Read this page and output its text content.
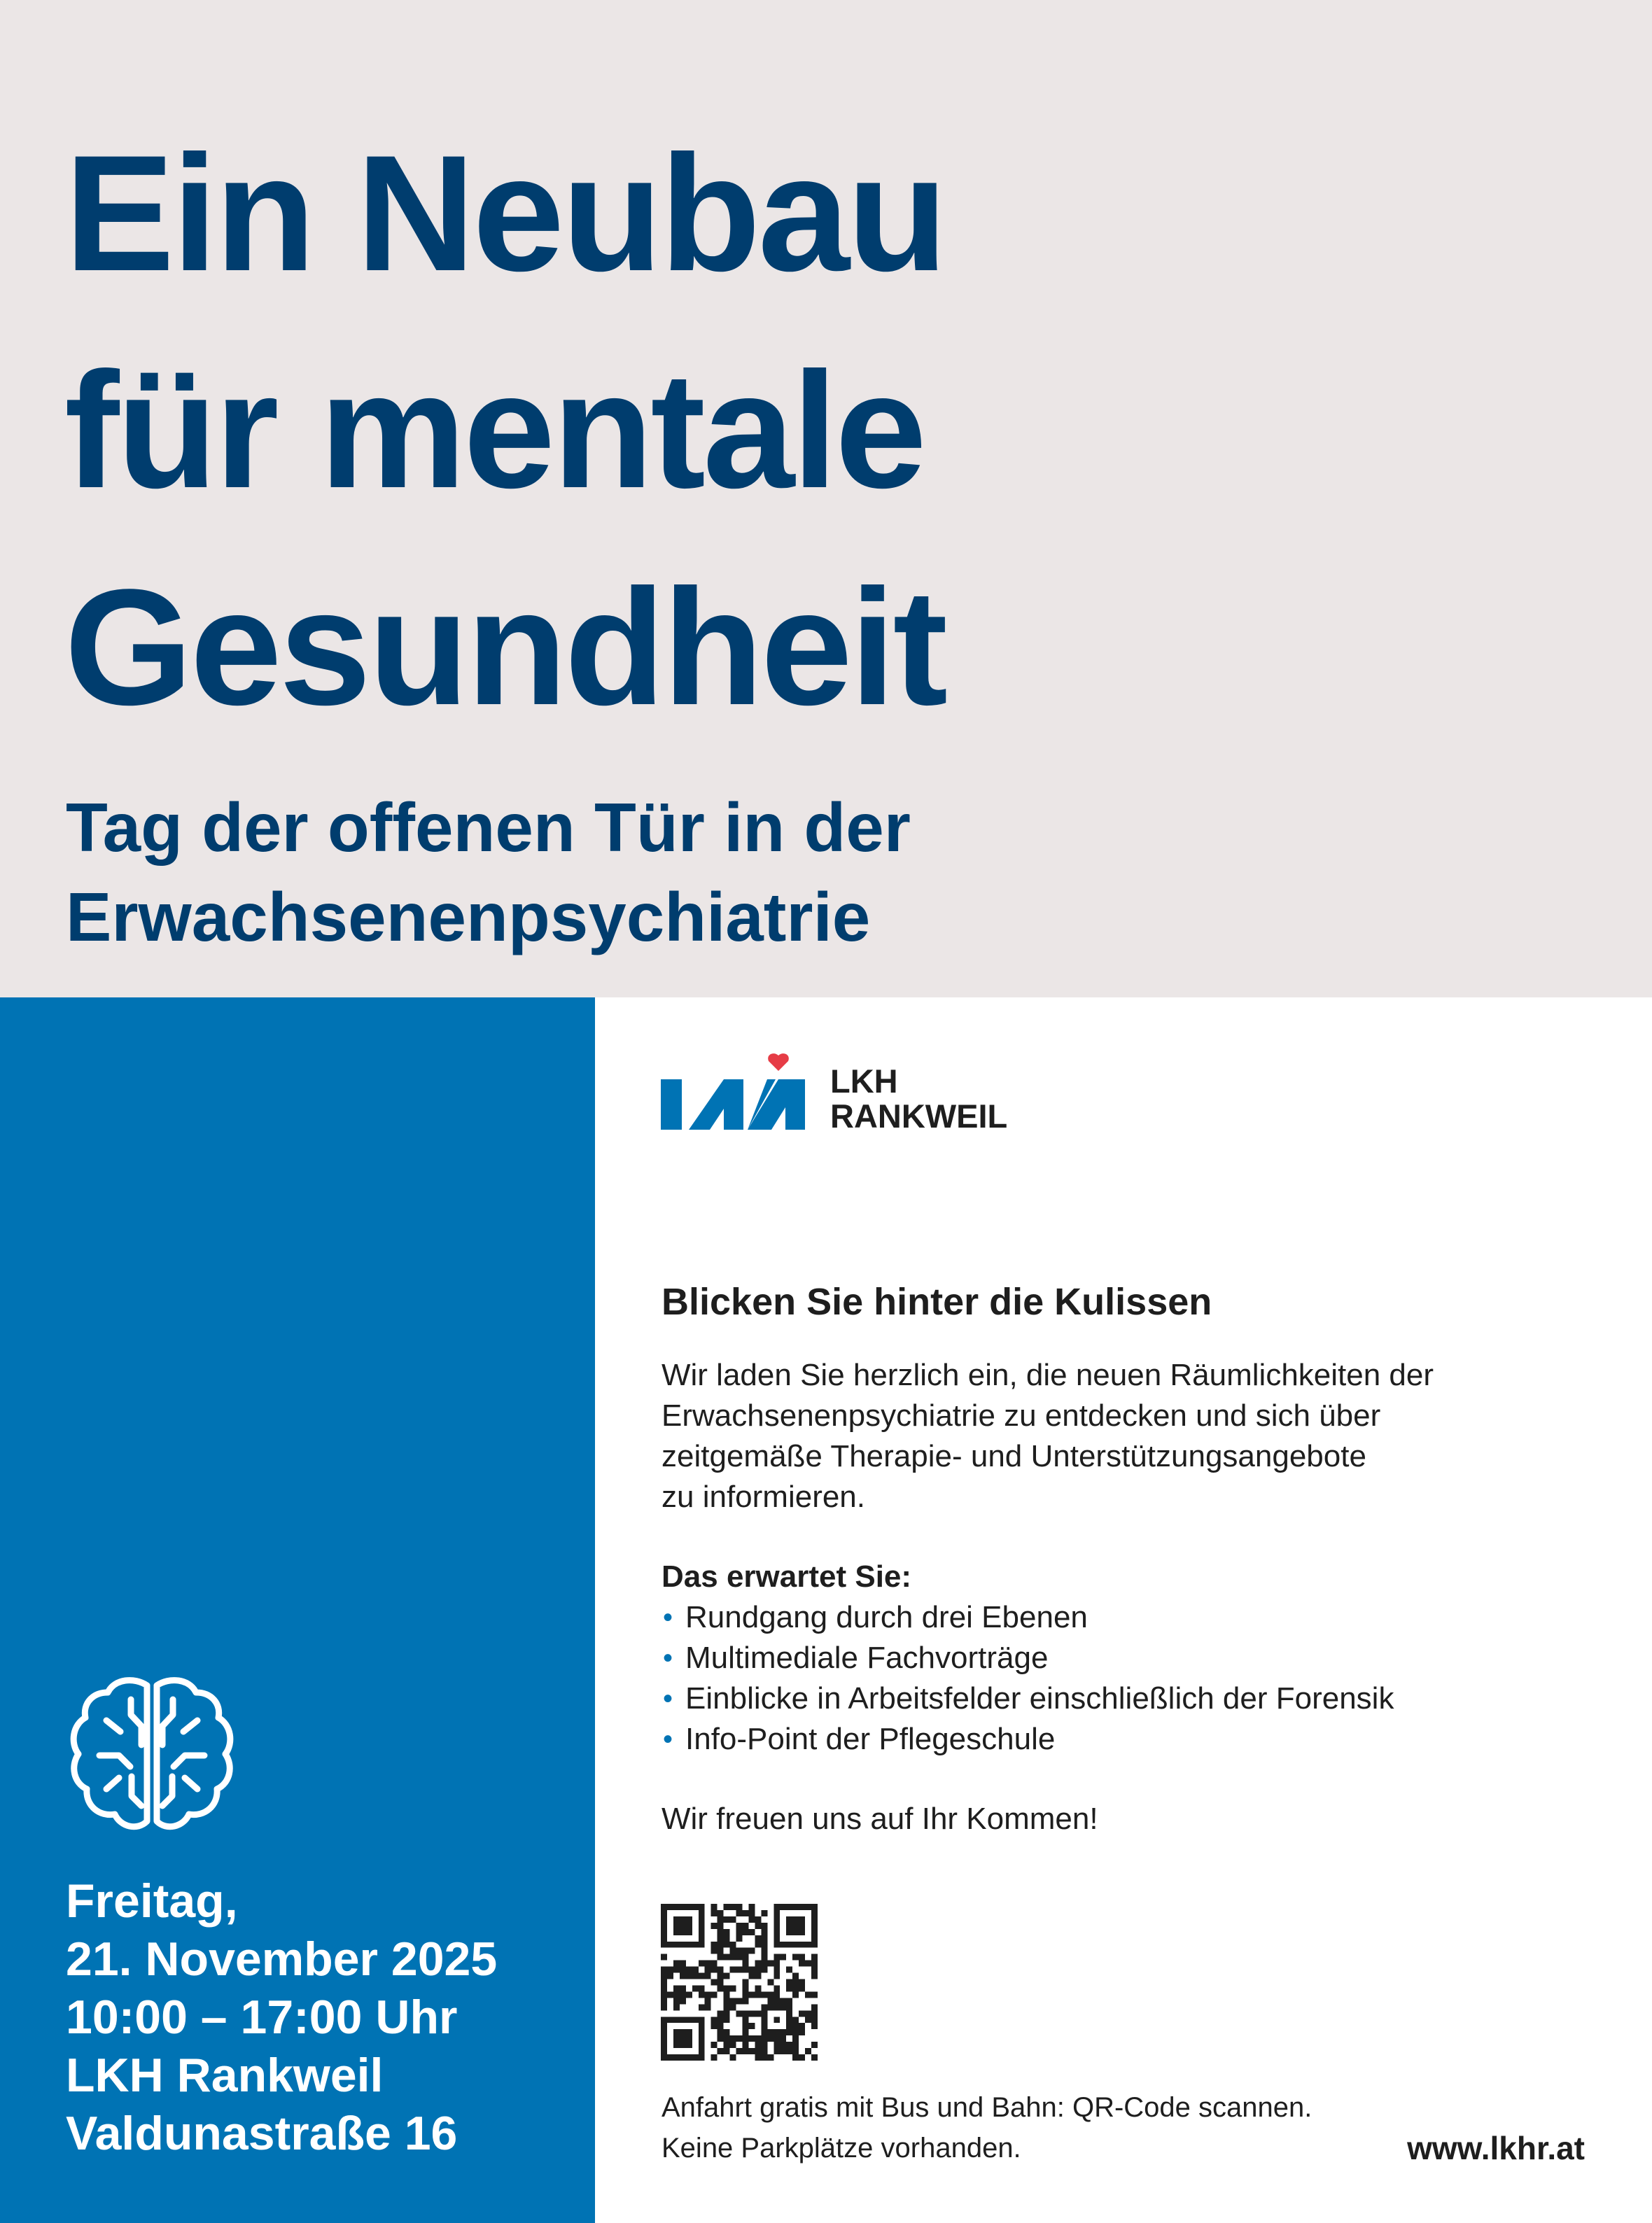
Ein Neubau
für mentale
Gesundheit
Tag der offenen Tür in der
Erwachsenenpsychiatrie
Freitag,
21. November 2025
10:00 – 17:00 Uhr
LKH Rankweil
Valdunastraße 16
LKH
RANKWEIL
Blicken Sie hinter die Kulissen
Wir laden Sie herzlich ein, die neuen Räumlichkeiten der
Erwachsenenpsychiatrie zu entdecken und sich über
zeitgemäße Therapie- und Unterstützungsangebote
zu informieren.
Das erwartet Sie:
• Rundgang durch drei Ebenen
• Multimediale Fachvorträge
• Einblicke in Arbeitsfelder einschließlich der Forensik
• Info-Point der Pflegeschule
Wir freuen uns auf Ihr Kommen!
Anfahrt gratis mit Bus und Bahn: QR-Code scannen.
Keine Parkplätze vorhanden.	www.lkhr.at
